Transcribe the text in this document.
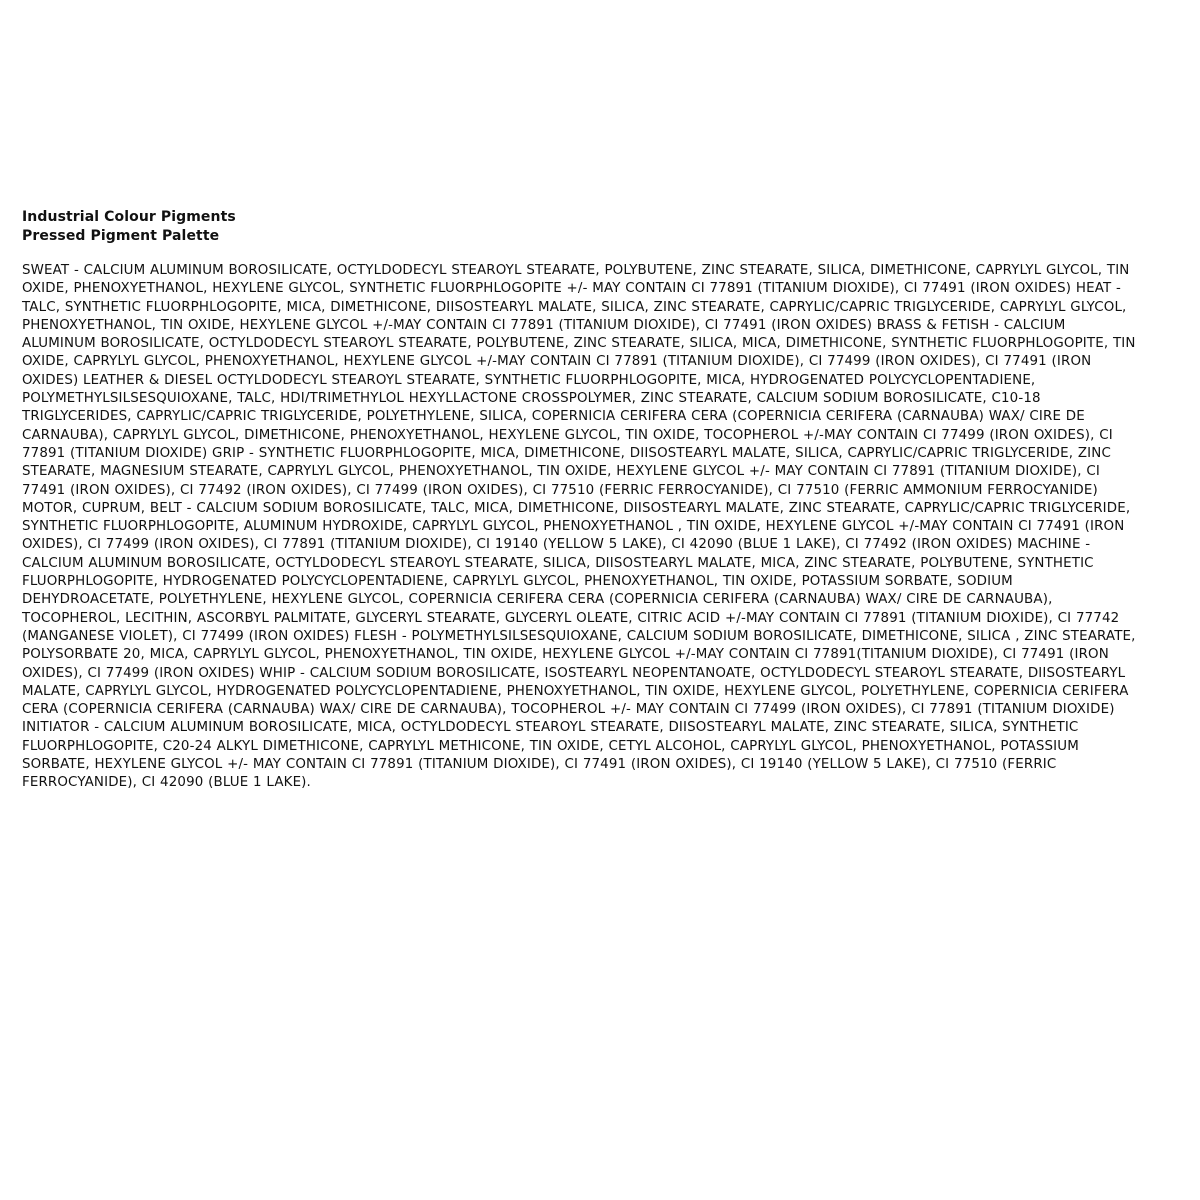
Industrial Colour Pigments
Pressed Pigment Palette

SWEAT - CALCIUM ALUMINUM BOROSILICATE, OCTYLDODECYL STEAROYL STEARATE, POLYBUTENE, ZINC STEARATE, SILICA, DIMETHICONE, CAPRYLYL GLYCOL, TIN OXIDE, PHENOXYETHANOL, HEXYLENE GLYCOL, SYNTHETIC FLUORPHLOGOPITE +/- MAY CONTAIN CI 77891 (TITANIUM DIOXIDE), CI 77491 (IRON OXIDES) HEAT - TALC, SYNTHETIC FLUORPHLOGOPITE, MICA, DIMETHICONE, DIISOSTEARYL MALATE, SILICA, ZINC STEARATE, CAPRYLIC/CAPRIC TRIGLYCERIDE, CAPRYLYL GLYCOL, PHENOXYETHANOL, TIN OXIDE, HEXYLENE GLYCOL +/-MAY CONTAIN CI 77891 (TITANIUM DIOXIDE), CI 77491 (IRON OXIDES) BRASS & FETISH - CALCIUM ALUMINUM BOROSILICATE, OCTYLDODECYL STEAROYL STEARATE, POLYBUTENE, ZINC STEARATE, SILICA, MICA, DIMETHICONE, SYNTHETIC FLUORPHLOGOPITE, TIN OXIDE, CAPRYLYL GLYCOL, PHENOXYETHANOL, HEXYLENE GLYCOL +/-MAY CONTAIN CI 77891 (TITANIUM DIOXIDE), CI 77499 (IRON OXIDES), CI 77491 (IRON OXIDES) LEATHER & DIESEL OCTYLDODECYL STEAROYL STEARATE, SYNTHETIC FLUORPHLOGOPITE, MICA, HYDROGENATED POLYCYCLOPENTADIENE, POLYMETHYLSILSESQUIOXANE, TALC, HDI/TRIMETHYLOL HEXYLLACTONE CROSSPOLYMER, ZINC STEARATE, CALCIUM SODIUM BOROSILICATE, C10-18 TRIGLYCERIDES, CAPRYLIC/CAPRIC TRIGLYCERIDE, POLYETHYLENE, SILICA, COPERNICIA CERIFERA CERA (COPERNICIA CERIFERA (CARNAUBA) WAX/ CIRE DE CARNAUBA), CAPRYLYL GLYCOL, DIMETHICONE, PHENOXYETHANOL, HEXYLENE GLYCOL, TIN OXIDE, TOCOPHEROL +/-MAY CONTAIN CI 77499 (IRON OXIDES), CI 77891 (TITANIUM DIOXIDE) GRIP - SYNTHETIC FLUORPHLOGOPITE, MICA, DIMETHICONE, DIISOSTEARYL MALATE, SILICA, CAPRYLIC/CAPRIC TRIGLYCERIDE, ZINC STEARATE, MAGNESIUM STEARATE, CAPRYLYL GLYCOL, PHENOXYETHANOL, TIN OXIDE, HEXYLENE GLYCOL +/- MAY CONTAIN CI 77891 (TITANIUM DIOXIDE), CI 77491 (IRON OXIDES), CI 77492 (IRON OXIDES), CI 77499 (IRON OXIDES), CI 77510 (FERRIC FERROCYANIDE), CI 77510 (FERRIC AMMONIUM FERROCYANIDE) MOTOR, CUPRUM, BELT - CALCIUM SODIUM BOROSILICATE, TALC, MICA, DIMETHICONE, DIISOSTEARYL MALATE, ZINC STEARATE, CAPRYLIC/CAPRIC TRIGLYCERIDE, SYNTHETIC FLUORPHLOGOPITE, ALUMINUM HYDROXIDE, CAPRYLYL GLYCOL, PHENOXYETHANOL , TIN OXIDE, HEXYLENE GLYCOL +/-MAY CONTAIN CI 77491 (IRON OXIDES), CI 77499 (IRON OXIDES), CI 77891 (TITANIUM DIOXIDE), CI 19140 (YELLOW 5 LAKE), CI 42090 (BLUE 1 LAKE), CI 77492 (IRON OXIDES) MACHINE - CALCIUM ALUMINUM BOROSILICATE, OCTYLDODECYL STEAROYL STEARATE, SILICA, DIISOSTEARYL MALATE, MICA, ZINC STEARATE, POLYBUTENE, SYNTHETIC FLUORPHLOGOPITE, HYDROGENATED POLYCYCLOPENTADIENE, CAPRYLYL GLYCOL, PHENOXYETHANOL, TIN OXIDE, POTASSIUM SORBATE, SODIUM DEHYDROACETATE, POLYETHYLENE, HEXYLENE GLYCOL, COPERNICIA CERIFERA CERA (COPERNICIA CERIFERA (CARNAUBA) WAX/ CIRE DE CARNAUBA), TOCOPHEROL, LECITHIN, ASCORBYL PALMITATE, GLYCERYL STEARATE, GLYCERYL OLEATE, CITRIC ACID +/-MAY CONTAIN CI 77891 (TITANIUM DIOXIDE), CI 77742 (MANGANESE VIOLET), CI 77499 (IRON OXIDES) FLESH - POLYMETHYLSILSESQUIOXANE, CALCIUM SODIUM BOROSILICATE, DIMETHICONE, SILICA , ZINC STEARATE, POLYSORBATE 20, MICA, CAPRYLYL GLYCOL, PHENOXYETHANOL, TIN OXIDE, HEXYLENE GLYCOL +/-MAY CONTAIN CI 77891(TITANIUM DIOXIDE), CI 77491 (IRON OXIDES), CI 77499 (IRON OXIDES) WHIP - CALCIUM SODIUM BOROSILICATE, ISOSTEARYL NEOPENTANOATE, OCTYLDODECYL STEAROYL STEARATE, DIISOSTEARYL MALATE, CAPRYLYL GLYCOL, HYDROGENATED POLYCYCLOPENTADIENE, PHENOXYETHANOL, TIN OXIDE, HEXYLENE GLYCOL, POLYETHYLENE, COPERNICIA CERIFERA CERA (COPERNICIA CERIFERA (CARNAUBA) WAX/ CIRE DE CARNAUBA), TOCOPHEROL +/- MAY CONTAIN CI 77499 (IRON OXIDES), CI 77891 (TITANIUM DIOXIDE) INITIATOR - CALCIUM ALUMINUM BOROSILICATE, MICA, OCTYLDODECYL STEAROYL STEARATE, DIISOSTEARYL MALATE, ZINC STEARATE, SILICA, SYNTHETIC FLUORPHLOGOPITE, C20-24 ALKYL DIMETHICONE, CAPRYLYL METHICONE, TIN OXIDE, CETYL ALCOHOL, CAPRYLYL GLYCOL, PHENOXYETHANOL, POTASSIUM SORBATE, HEXYLENE GLYCOL +/- MAY CONTAIN CI 77891 (TITANIUM DIOXIDE), CI 77491 (IRON OXIDES), CI 19140 (YELLOW 5 LAKE), CI 77510 (FERRIC FERROCYANIDE), CI 42090 (BLUE 1 LAKE).
